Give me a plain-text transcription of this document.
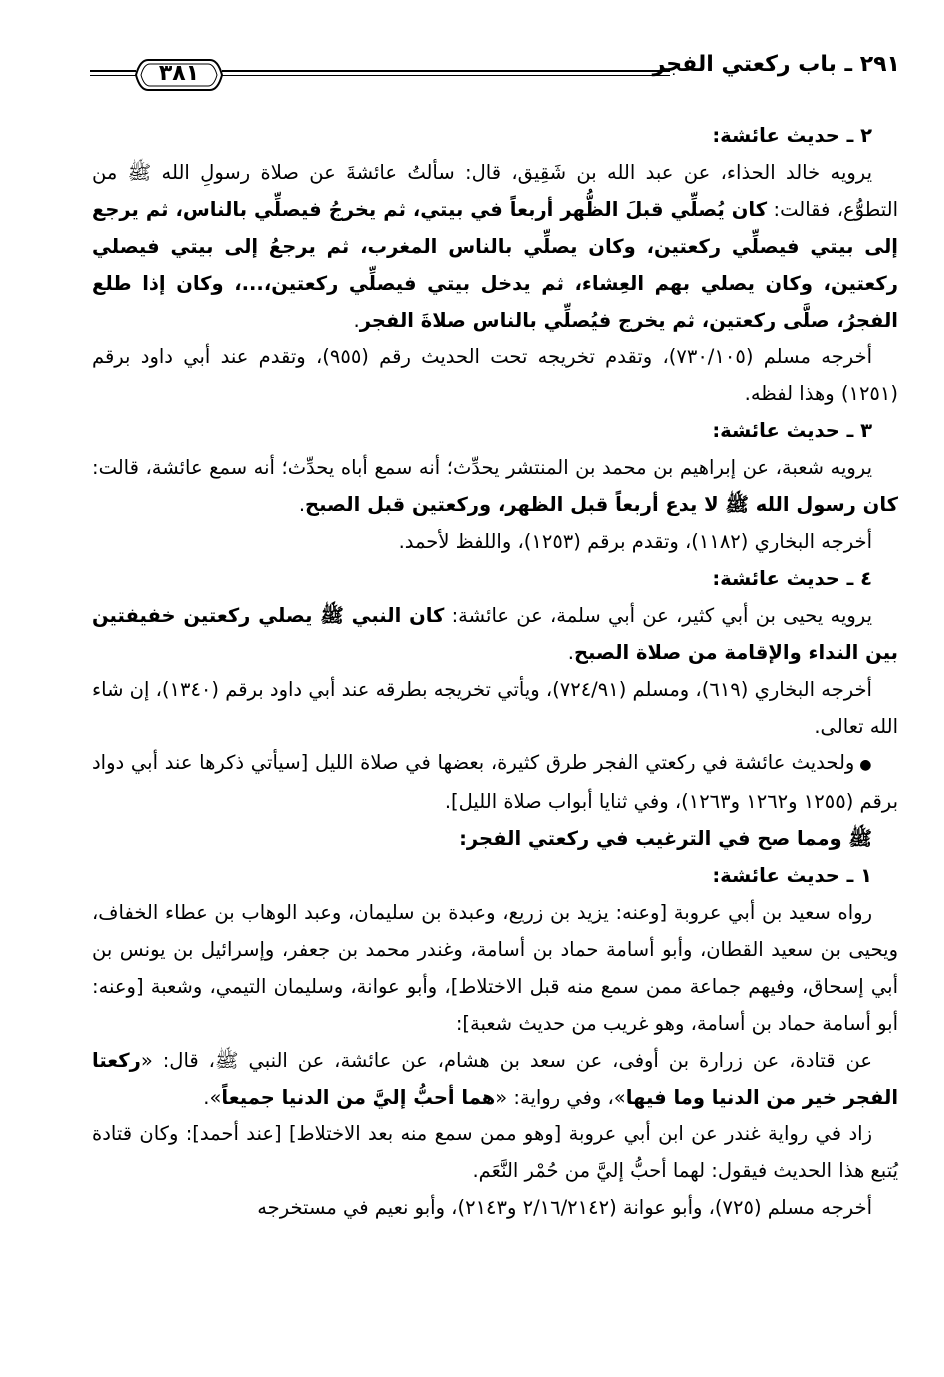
٢٩١ ـ باب ركعتي الفجر
٣٨١

٢ ـ حديث عائشة:

يرويه خالد الحذاء، عن عبد الله بن شَقِيق، قال: سألتُ عائشةَ عن صلاة رسولِ الله ﷺ من التطوُّع، فقالت: كان يُصلِّي قبلَ الظُّهر أربعاً في بيتي، ثم يخرجُ فيصلِّي بالناس، ثم يرجع إلى بيتي فيصلِّي ركعتين، وكان يصلِّي بالناس المغرب، ثم يرجعُ إلى بيتي فيصلي ركعتين، وكان يصلي بهم العِشاء، ثم يدخل بيتي فيصلِّي ركعتين،...، وكان إذا طلع الفجرُ، صلَّى ركعتين، ثم يخرج فيُصلِّي بالناس صلاةَ الفجر.

أخرجه مسلم (٧٣٠/١٠٥)، وتقدم تخريجه تحت الحديث رقم (٩٥٥)، وتقدم عند أبي داود برقم (١٢٥١) وهذا لفظه.

٣ ـ حديث عائشة:

يرويه شعبة، عن إبراهيم بن محمد بن المنتشر يحدِّث؛ أنه سمع أباه يحدِّث؛ أنه سمع عائشة، قالت: كان رسول الله ﷺ لا يدع أربعاً قبل الظهر، وركعتين قبل الصبح.

أخرجه البخاري (١١٨٢)، وتقدم برقم (١٢٥٣)، واللفظ لأحمد.

٤ ـ حديث عائشة:

يرويه يحيى بن أبي كثير، عن أبي سلمة، عن عائشة: كان النبي ﷺ يصلي ركعتين خفيفتين بين النداء والإقامة من صلاة الصبح.

أخرجه البخاري (٦١٩)، ومسلم (٧٢٤/٩١)، ويأتي تخريجه بطرقه عند أبي داود برقم (١٣٤٠)، إن شاء الله تعالى.

● ولحديث عائشة في ركعتي الفجر طرق كثيرة، بعضها في صلاة الليل [سيأتي ذكرها عند أبي دواد برقم (١٢٥٥ و١٢٦٢ و١٢٦٣)، وفي ثنايا أبواب صلاة الليل].

ﷺ ومما صح في الترغيب في ركعتي الفجر:

١ ـ حديث عائشة:

رواه سعيد بن أبي عروبة [وعنه: يزيد بن زريع، وعبدة بن سليمان، وعبد الوهاب بن عطاء الخفاف، ويحيى بن سعيد القطان، وأبو أسامة حماد بن أسامة، وغندر محمد بن جعفر، وإسرائيل بن يونس بن أبي إسحاق، وفيهم جماعة ممن سمع منه قبل الاختلاط]، وأبو عوانة، وسليمان التيمي، وشعبة [وعنه: أبو أسامة حماد بن أسامة، وهو غريب من حديث شعبة]:

عن قتادة، عن زرارة بن أوفى، عن سعد بن هشام، عن عائشة، عن النبي ﷺ، قال: «ركعتا الفجر خير من الدنيا وما فيها»، وفي رواية: «هما أحبُّ إليَّ من الدنيا جميعاً».

زاد في رواية غندر عن ابن أبي عروبة [وهو ممن سمع منه بعد الاختلاط] [عند أحمد]: وكان قتادة يُتبع هذا الحديث فيقول: لهما أحبُّ إليَّ من حُمْر النَّعَم.

أخرجه مسلم (٧٢٥)، وأبو عوانة (٢/١٦/٢١٤٢ و٢١٤٣)، وأبو نعيم في مستخرجه
